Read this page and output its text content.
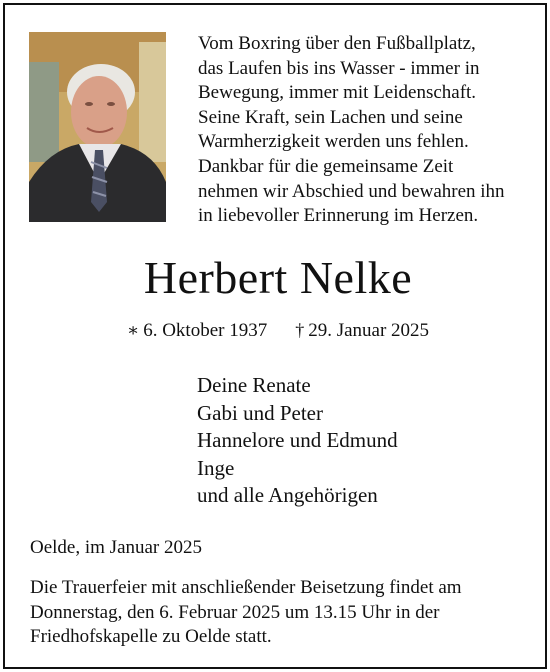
Vom Boxring über den Fußballplatz,
das Laufen bis ins Wasser - immer in
Bewegung, immer mit Leidenschaft.
Seine Kraft, sein Lachen und seine
Warmherzigkeit werden uns fehlen.
Dankbar für die gemeinsame Zeit
nehmen wir Abschied und bewahren ihn
in liebevoller Erinnerung im Herzen.
Herbert Nelke
∗ 6. Oktober 1937 † 29. Januar 2025
Deine Renate
Gabi und Peter
Hannelore und Edmund
Inge
und alle Angehörigen
Oelde, im Januar 2025
Die Trauerfeier mit anschließender Beisetzung findet am
Donnerstag, den 6. Februar 2025 um 13.15 Uhr in der
Friedhofskapelle zu Oelde statt.
